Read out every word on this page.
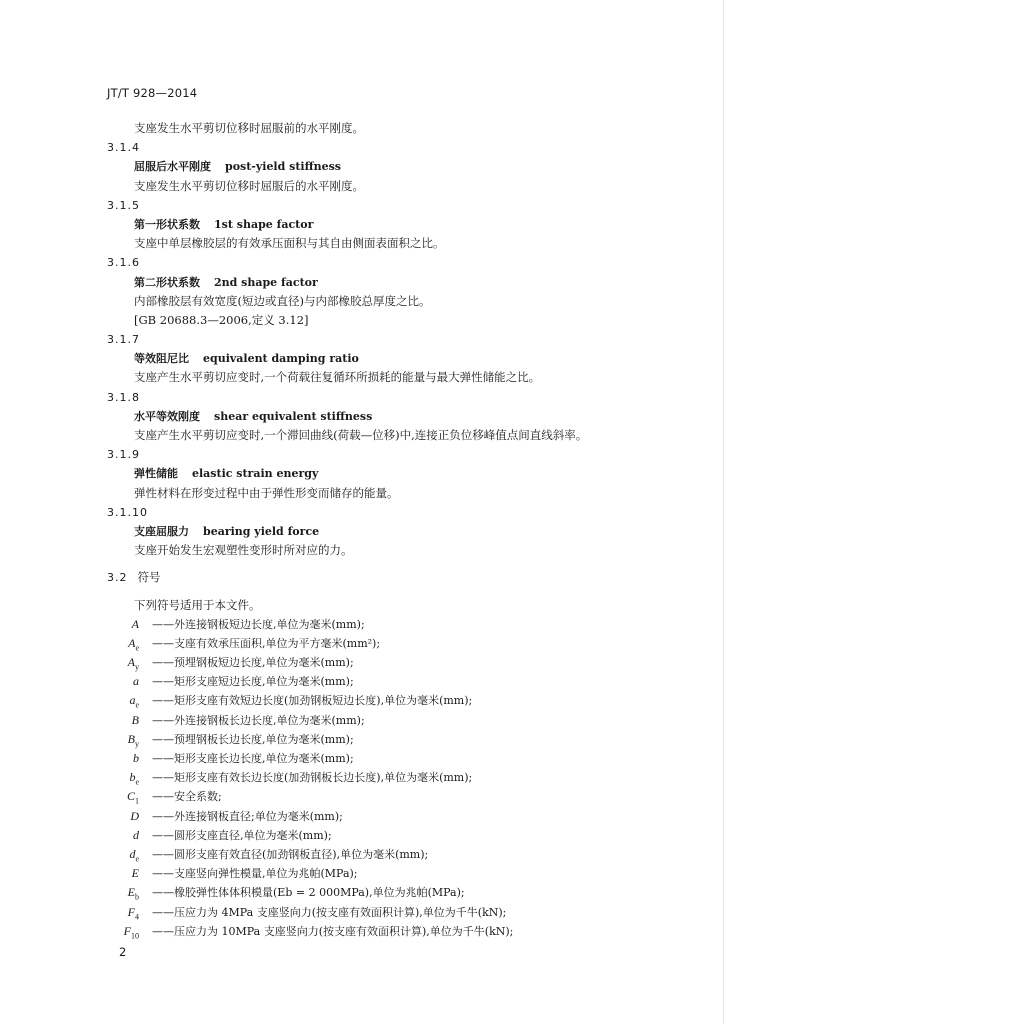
JT/T 928—2014
支座发生水平剪切位移时屈服前的水平刚度。
3.1.4
屈服后水平刚度 post-yield stiffness
支座发生水平剪切位移时屈服后的水平刚度。
3.1.5
第一形状系数 1st shape factor
支座中单层橡胶层的有效承压面积与其自由侧面表面积之比。
3.1.6
第二形状系数 2nd shape factor
内部橡胶层有效宽度(短边或直径)与内部橡胶总厚度之比。
[GB 20688.3—2006,定义 3.12]
3.1.7
等效阻尼比 equivalent damping ratio
支座产生水平剪切应变时,一个荷载往复循环所损耗的能量与最大弹性储能之比。
3.1.8
水平等效刚度 shear equivalent stiffness
支座产生水平剪切应变时,一个滞回曲线(荷载—位移)中,连接正负位移峰值点间直线斜率。
3.1.9
弹性储能 elastic strain energy
弹性材料在形变过程中由于弹性形变而储存的能量。
3.1.10
支座屈服力 bearing yield force
支座开始发生宏观塑性变形时所对应的力。
3.2 符号
下列符号适用于本文件。
A ——外连接钢板短边长度,单位为毫米(mm);
$A_e$ ——支座有效承压面积,单位为平方毫米(mm²);
$A_y$ ——预埋钢板短边长度,单位为毫米(mm);
a ——矩形支座短边长度,单位为毫米(mm);
$a_e$ ——矩形支座有效短边长度(加劲钢板短边长度),单位为毫米(mm);
B ——外连接钢板长边长度,单位为毫米(mm);
$B_y$ ——预埋钢板长边长度,单位为毫米(mm);
b ——矩形支座长边长度,单位为毫米(mm);
$b_e$ ——矩形支座有效长边长度(加劲钢板长边长度),单位为毫米(mm);
$C_1$ ——安全系数;
D ——外连接钢板直径;单位为毫米(mm);
d ——圆形支座直径,单位为毫米(mm);
$d_e$ ——圆形支座有效直径(加劲钢板直径),单位为毫米(mm);
E ——支座竖向弹性模量,单位为兆帕(MPa);
$E_b$ ——橡胶弹性体体积模量(Eb = 2 000MPa),单位为兆帕(MPa);
$F_4$ ——压应力为 4MPa 支座竖向力(按支座有效面积计算),单位为千牛(kN);
$F_{10}$ ——压应力为 10MPa 支座竖向力(按支座有效面积计算),单位为千牛(kN);
2
